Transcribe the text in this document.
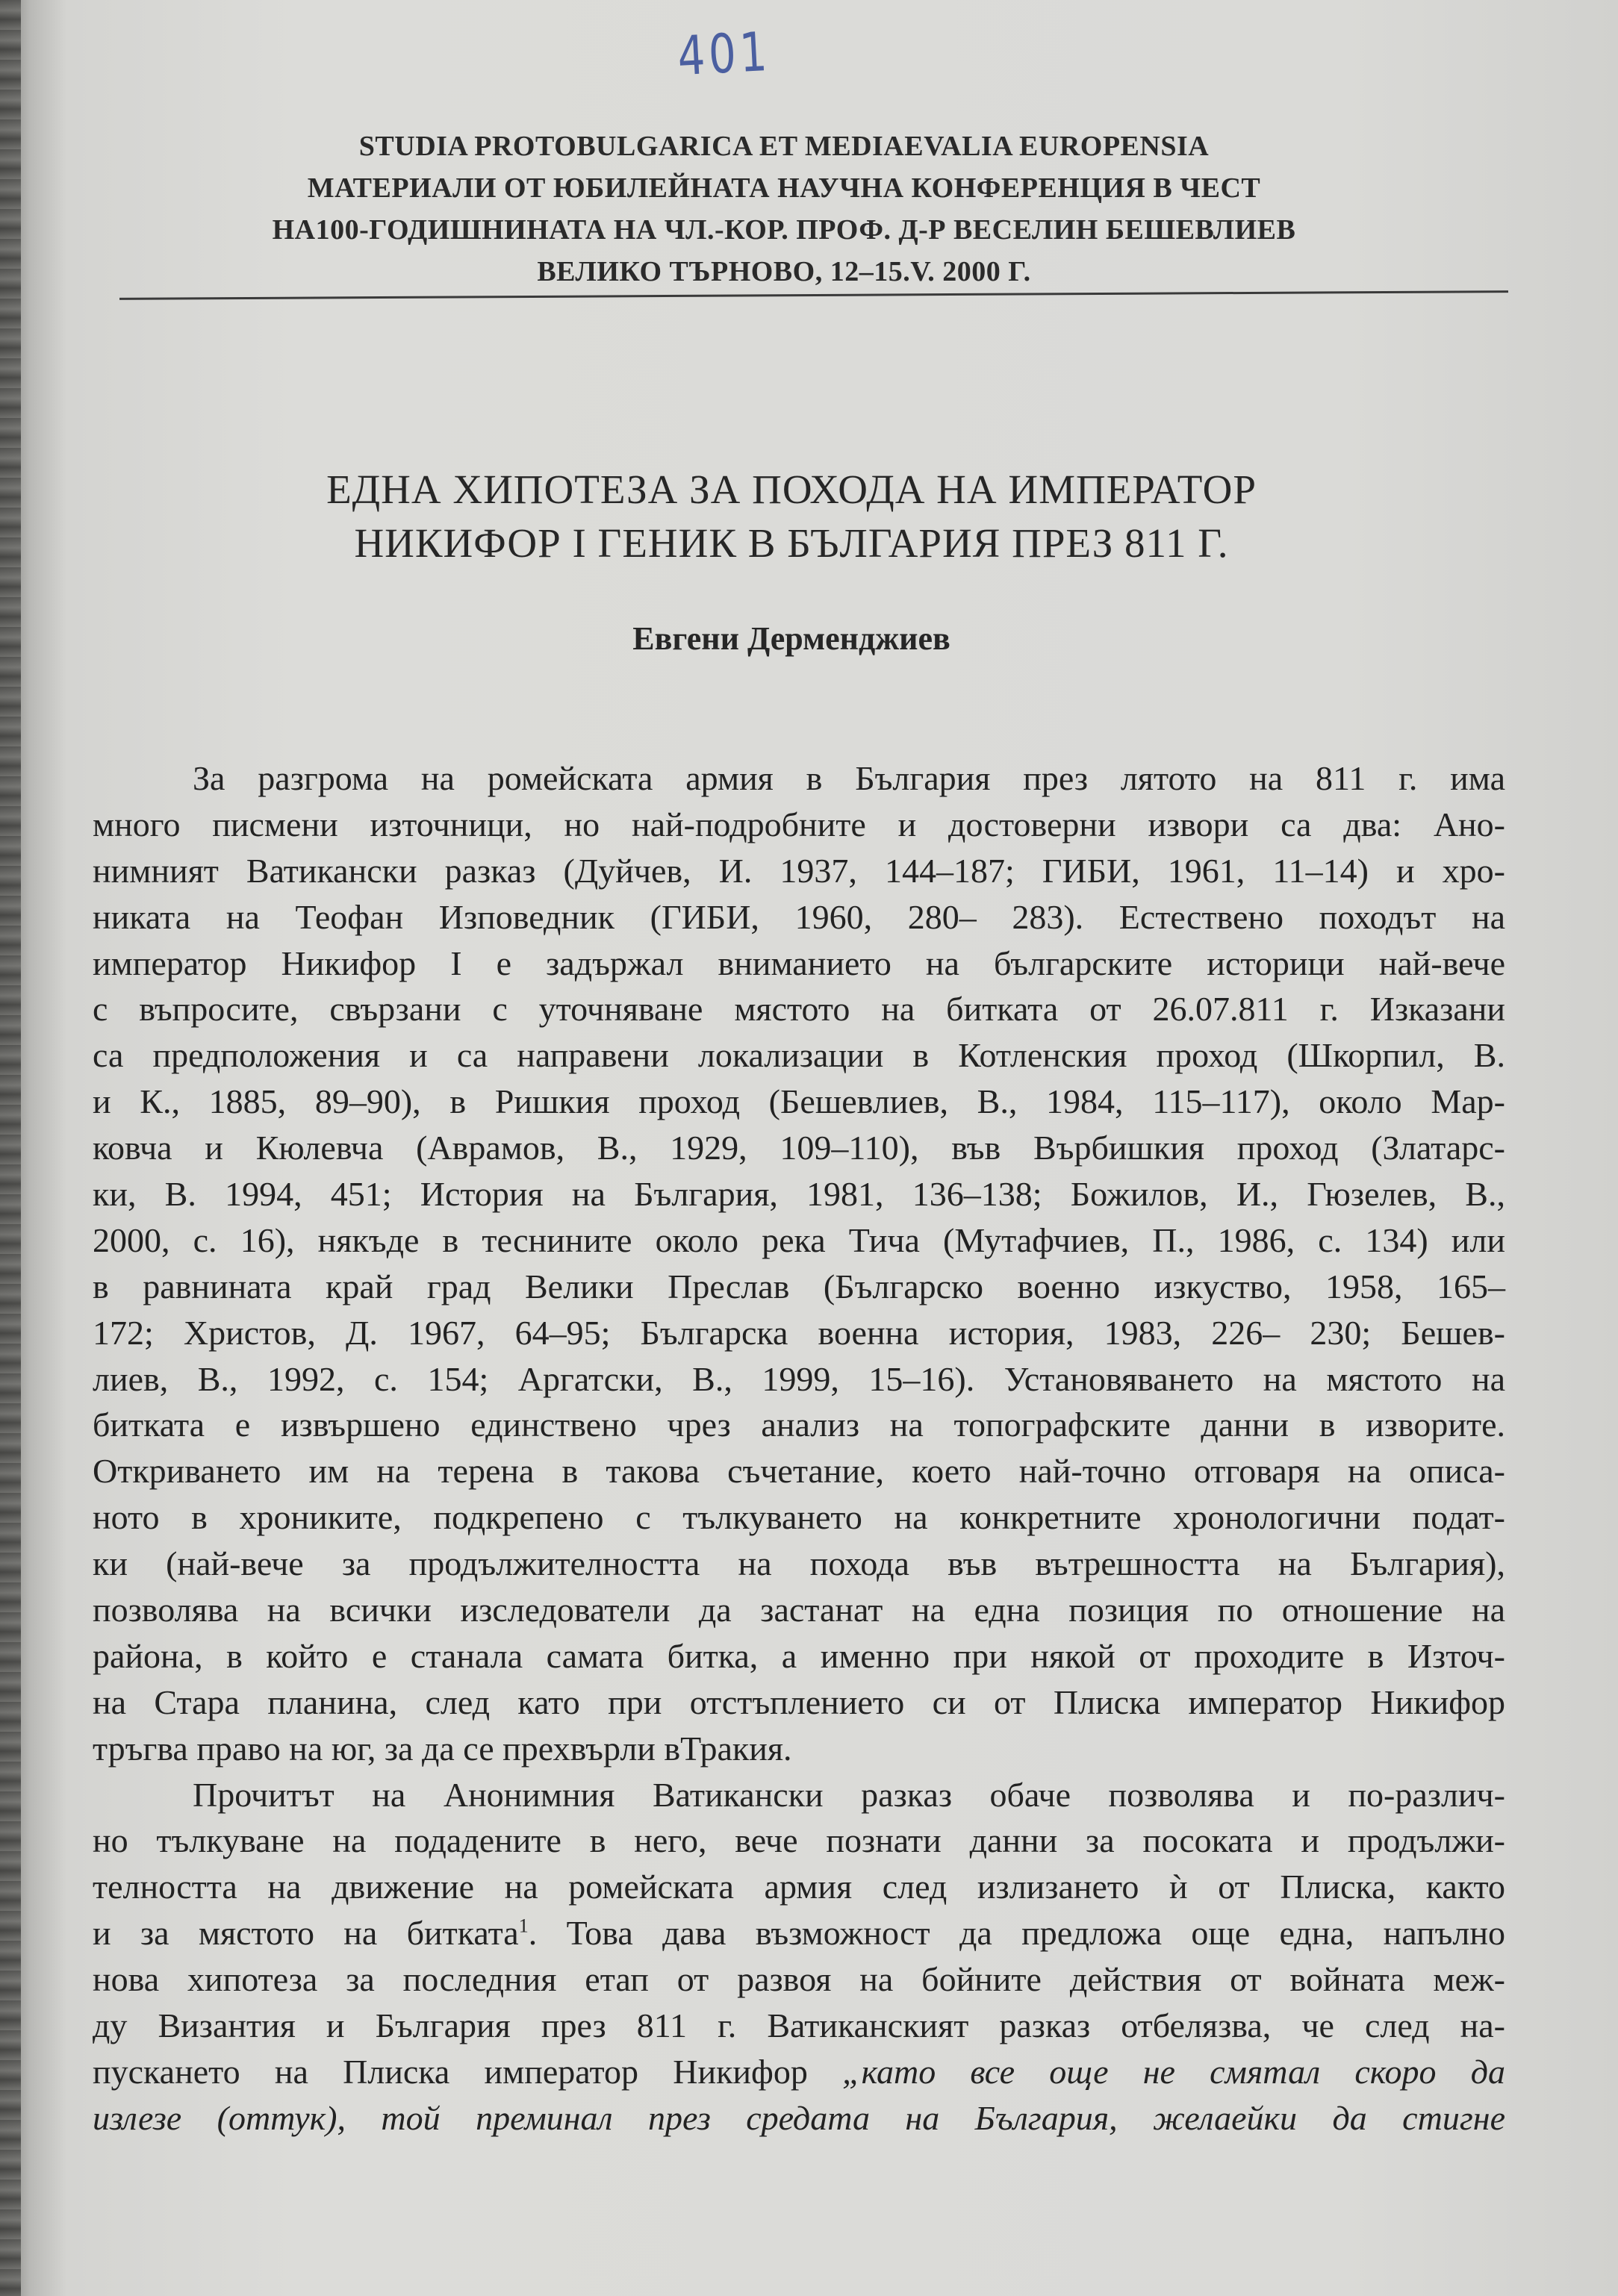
401
STUDIA PROTOBULGARICA ET MEDIAEVALIA EUROPENSIA
МАТЕРИАЛИ ОТ ЮБИЛЕЙНАТА НАУЧНА КОНФЕРЕНЦИЯ В ЧЕСТ
НА100-ГОДИШНИНАТА НА ЧЛ.-КОР. ПРОФ. Д-Р ВЕСЕЛИН БЕШЕВЛИЕВ
ВЕЛИКО ТЪРНОВО, 12–15.V. 2000 Г.
ЕДНА ХИПОТЕЗА ЗА ПОХОДА НА ИМПЕРАТОР
НИКИФОР I ГЕНИК В БЪЛГАРИЯ ПРЕЗ 811 Г.
Евгени Дерменджиев
За разгрома на ромейската армия в България през лятото на 811 г. има
много писмени източници, но най-подробните и достоверни извори са два: Ано-
нимният Ватикански разказ (Дуйчев, И. 1937, 144–187; ГИБИ, 1961, 11–14) и хро-
никата на Теофан Изповедник (ГИБИ, 1960, 280– 283). Естествено походът на
император Никифор I е задържал вниманието на българските историци най-вече
с въпросите, свързани с уточняване мястото на битката от 26.07.811 г. Изказани
са предположения и са направени локализации в Котленския проход (Шкорпил, В.
и К., 1885, 89–90), в Ришкия проход (Бешевлиев, В., 1984, 115–117), около Мар-
ковча и Кюлевча (Аврамов, В., 1929, 109–110), във Върбишкия проход (Златарс-
ки, В. 1994, 451; История на България, 1981, 136–138; Божилов, И., Гюзелев, В.,
2000, с. 16), някъде в теснините около река Тича (Мутафчиев, П., 1986, с. 134) или
в равнината край град Велики Преслав (Българско военно изкуство, 1958, 165–
172; Христов, Д. 1967, 64–95; Българска военна история, 1983, 226– 230; Бешев-
лиев, В., 1992, с. 154; Аргатски, В., 1999, 15–16). Установяването на мястото на
битката е извършено единствено чрез анализ на топографските данни в изворите.
Откриването им на терена в такова съчетание, което най-точно отговаря на описа-
ното в хрониките, подкрепено с тълкуването на конкретните хронологични подат-
ки (най-вече за продължителността на похода във вътрешността на България),
позволява на всички изследователи да застанат на една позиция по отношение на
района, в който е станала самата битка, а именно при някой от проходите в Източ-
на Стара планина, след като при отстъплението си от Плиска император Никифор
тръгва право на юг, за да се прехвърли вТракия.
Прочитът на Анонимния Ватикански разказ обаче позволява и по-различ-
но тълкуване на подадените в него, вече познати данни за посоката и продължи-
телността на движение на ромейската армия след излизането ѝ от Плиска, както
и за мястото на битката$^1$. Това дава възможност да предложа още една, напълно
нова хипотеза за последния етап от развоя на бойните действия от войната меж-
ду Византия и България през 811 г. Ватиканският разказ отбелязва, че след на-
пускането на Плиска император Никифор „като все още не смятал скоро да
излезе (оттук), той преминал през средата на България, желаейки да стигне
